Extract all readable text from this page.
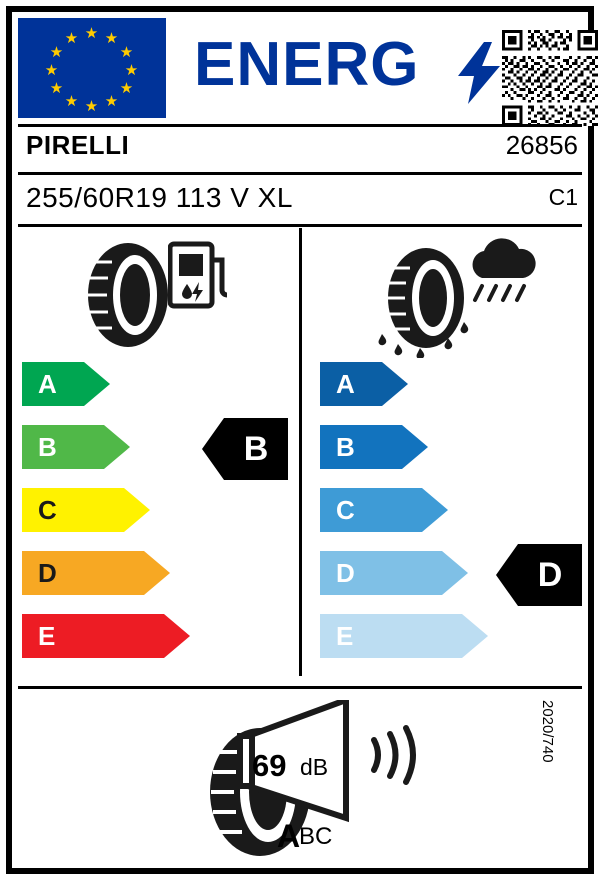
★
★
★
★
★
★ ★ ★
★
★
★
★ ENERG
PIRELLI	26856
255/60R19 113 V XL	C1
A
B
C
D
E
B
A
B
C
D
E
D
69 dB
A
BC
2020/740
